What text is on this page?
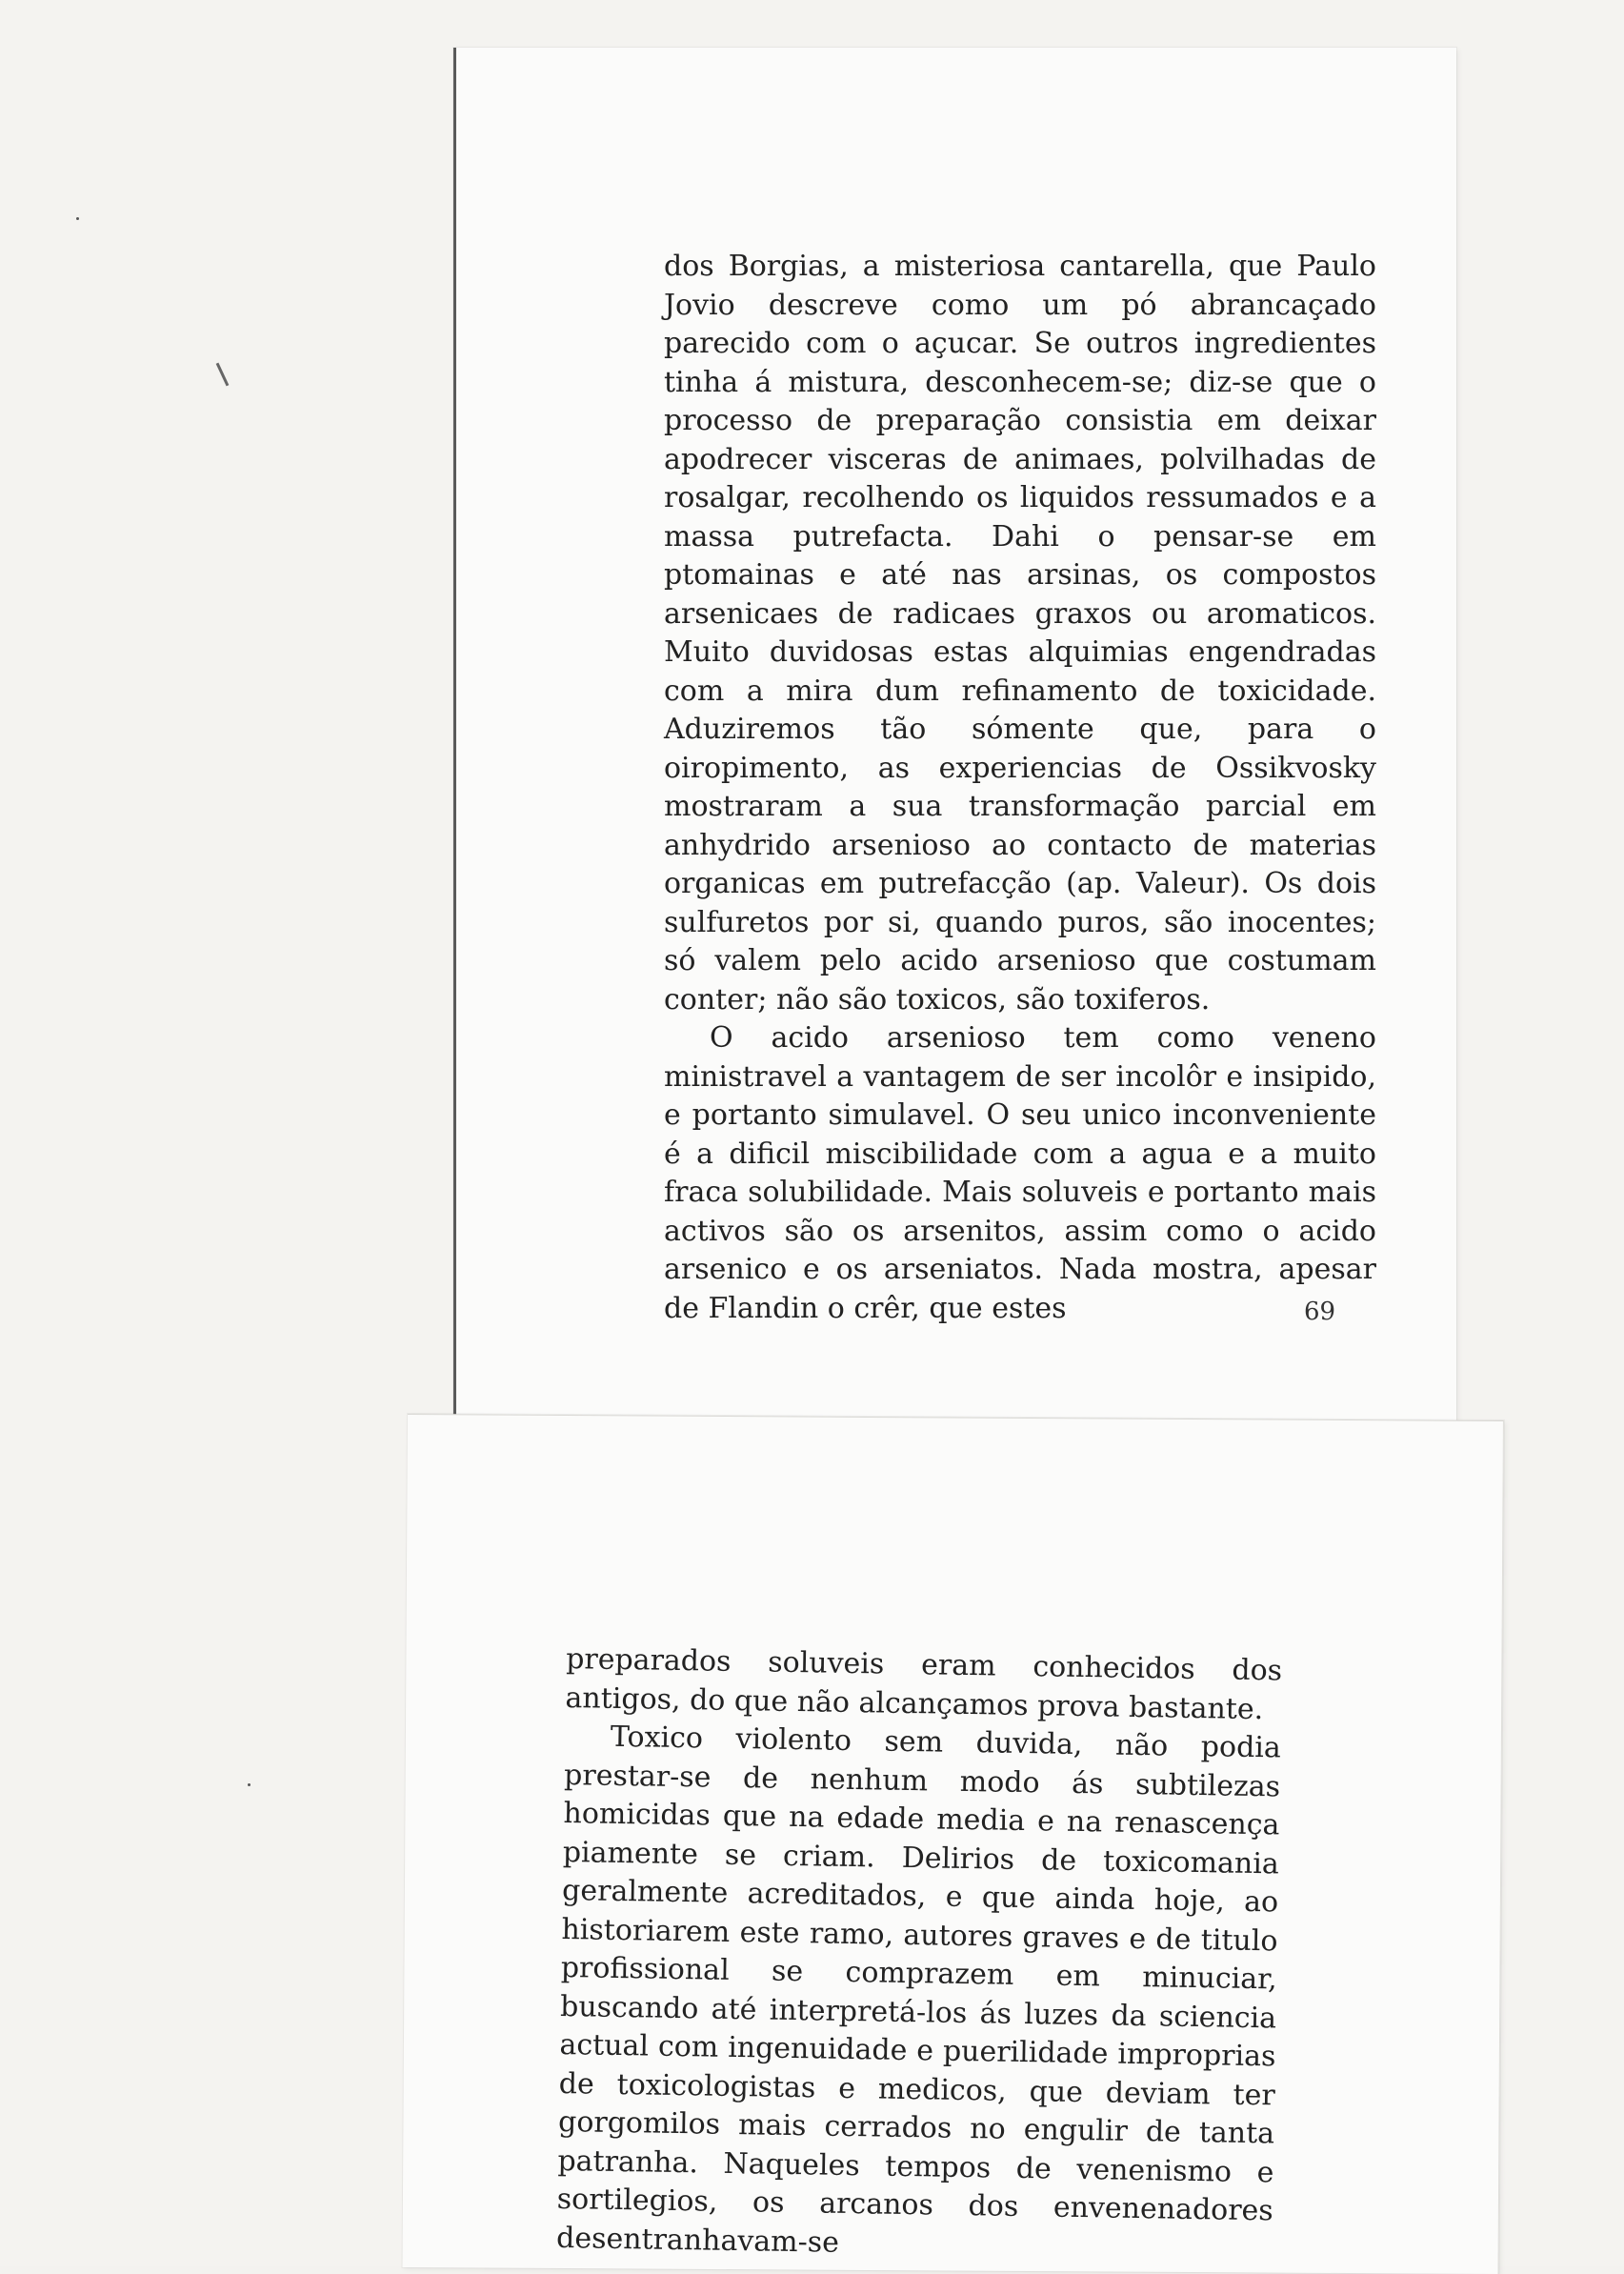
dos Borgias, a misteriosa cantarella, que Paulo Jovio descreve como um pó abrancaçado parecido com o açucar. Se outros ingredientes tinha á mistura, desconhecem-se; diz-se que o processo de preparação consistia em deixar apodrecer visceras de animaes, polvilhadas de rosalgar, recolhendo os liquidos ressumados e a massa putrefacta. Dahi o pensar-se em ptomainas e até nas arsinas, os compostos arsenicaes de radicaes graxos ou aromaticos. Muito duvidosas estas alquimias engendradas com a mira dum refinamento de toxicidade. Aduziremos tão sómente que, para o oiropimento, as experiencias de Ossikvosky mostraram a sua transformação parcial em anhydrido arsenioso ao contacto de materias organicas em putrefacção (ap. Valeur). Os dois sulfuretos por si, quando puros, são inocentes; só valem pelo acido arsenioso que costumam conter; não são toxicos, são toxiferos.

O acido arsenioso tem como veneno ministravel a vantagem de ser incolôr e insipido, e portanto simulavel. O seu unico inconveniente é a dificil miscibilidade com a agua e a muito fraca solubilidade. Mais soluveis e portanto mais activos são os arsenitos, assim como o acido arsenico e os arseniatos. Nada mostra, apesar de Flandin o crêr, que estes	69

preparados soluveis eram conhecidos dos antigos, do que não alcançamos prova bastante.

Toxico violento sem duvida, não podia prestar-se de nenhum modo ás subtilezas homicidas que na edade media e na renascença piamente se criam. Delirios de toxicomania geralmente acreditados, e que ainda hoje, ao historiarem este ramo, autores graves e de titulo profissional se comprazem em minuciar, buscando até interpretá-los ás luzes da sciencia actual com ingenuidade e puerilidade improprias de toxicologistas e medicos, que deviam ter gorgomilos mais cerrados no engulir de tanta patranha. Naqueles tempos de venenismo e sortilegios, os arcanos dos envenenadores desentranhavam-se
